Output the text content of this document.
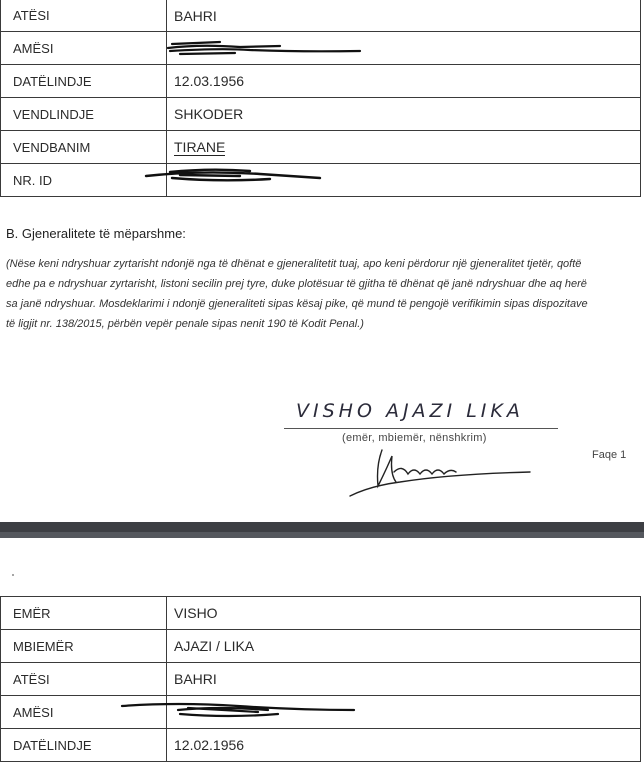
ATËSI	BAHRI
AMËSI	
DATËLINDJE	12.03.1956
VENDLINDJE	SHKODER
VENDBANIM	TIRANE
NR. ID	
B. Gjeneralitete të mëparshme:
(Nëse keni ndryshuar zyrtarisht ndonjë nga të dhënat e gjeneralitetit tuaj, apo keni përdorur një gjeneralitet tjetër, qoftë
edhe pa e ndryshuar zyrtarisht, listoni secilin prej tyre, duke plotësuar të gjitha të dhënat që janë ndryshuar dhe aq herë
sa janë ndryshuar. Mosdeklarimi i ndonjë gjeneraliteti sipas kësaj pike, që mund të pengojë verifikimin sipas dispozitave
të ligjit nr. 138/2015, përbën vepër penale sipas nenit 190 të Kodit Penal.)
VISHO AJAZI LIKA
(emër, mbiemër, nënshkrim)
Faqe 1
EMËR	VISHO
MBIEMËR	AJAZI / LIKA
ATËSI	BAHRI
AMËSI	
DATËLINDJE	12.02.1956
